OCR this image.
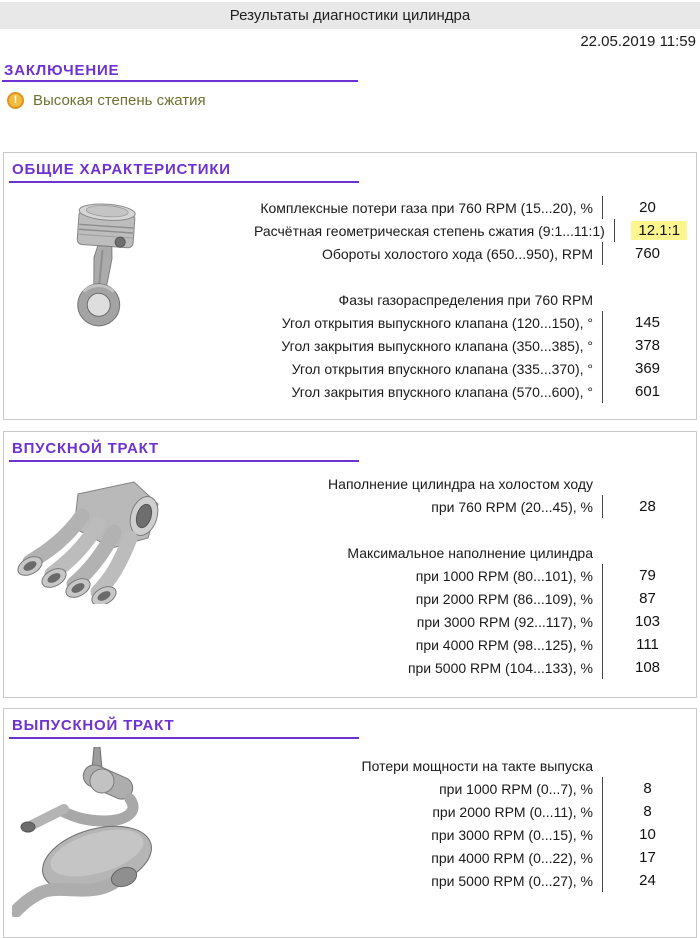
Результаты диагностики цилиндра
22.05.2019 11:59
ЗАКЛЮЧЕНИЕ
!	Высокая степень сжатия
ОБЩИЕ ХАРАКТЕРИСТИКИ
Комплексные потери газа при 760 RPM (15...20), %	20
Расчётная геометрическая степень сжатия (9:1...11:1)	12.1:1
Обороты холостого хода (650...950), RPM	760
Фазы газораспределения при 760 RPM
Угол открытия выпускного клапана (120...150), °	145
Угол закрытия выпускного клапана (350...385), °	378
Угол открытия впускного клапана (335...370), °	369
Угол закрытия впускного клапана (570...600), °	601
ВПУСКНОЙ ТРАКТ
Наполнение цилиндра на холостом ходу
при 760 RPM (20...45), %	28
Максимальное наполнение цилиндра
при 1000 RPM (80...101), %	79
при 2000 RPM (86...109), %	87
при 3000 RPM (92...117), %	103
при 4000 RPM (98...125), %	111
при 5000 RPM (104...133), %	108
ВЫПУСКНОЙ ТРАКТ
Потери мощности на такте выпуска
при 1000 RPM (0...7), %	8
при 2000 RPM (0...11), %	8
при 3000 RPM (0...15), %	10
при 4000 RPM (0...22), %	17
при 5000 RPM (0...27), %	24
